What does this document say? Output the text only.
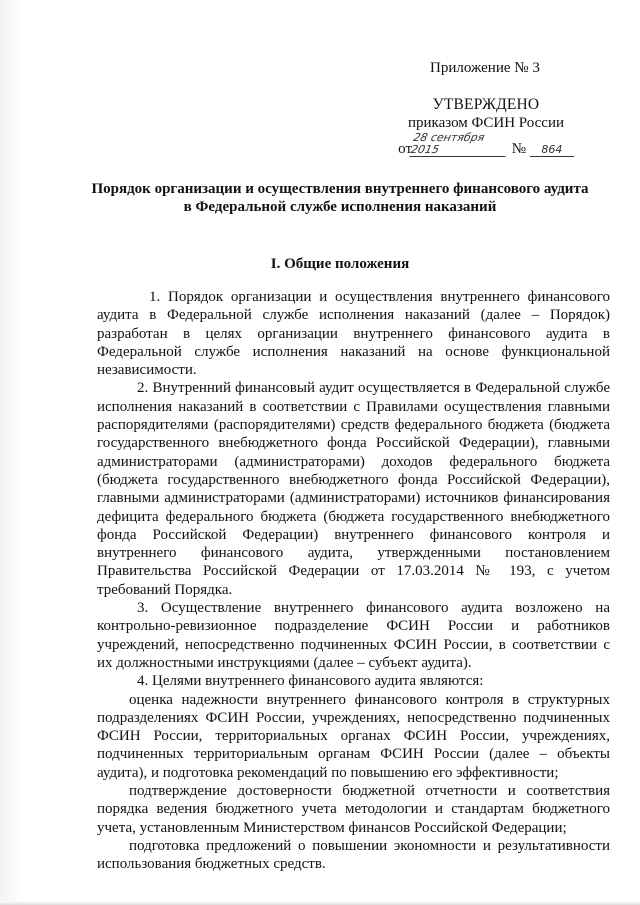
Приложение № 3
УТВЕРЖДЕНО
приказом ФСИН России
от28 сентября 2015	№ 864
Порядок организации и осуществления внутреннего финансового аудита
в Федеральной службе исполнения наказаний
I. Общие положения

1. Порядок организации и осуществления внутреннего финансового аудита в Федеральной службе исполнения наказаний (далее – Порядок) разработан в целях организации внутреннего финансового аудита в Федеральной службе исполнения наказаний на основе функциональной независимости.

2. Внутренний финансовый аудит осуществляется в Федеральной службе исполнения наказаний в соответствии с Правилами осуществления главными распорядителями (распорядителями) средств федерального бюджета (бюджета государственного внебюджетного фонда Российской Федерации), главными администраторами (администраторами) доходов федерального бюджета (бюджета государственного внебюджетного фонда Российской Федерации), главными администраторами (администраторами) источников финансирования дефицита федерального бюджета (бюджета государственного внебюджетного фонда Российской Федерации) внутреннего финансового контроля и внутреннего финансового аудита, утвержденными постановлением Правительства Российской Федерации от 17.03.2014 № 193, с учетом требований Порядка.

3. Осуществление внутреннего финансового аудита возложено на контрольно-ревизионное подразделение ФСИН России и работников учреждений, непосредственно подчиненных ФСИН России, в соответствии с их должностными инструкциями (далее – субъект аудита).

4. Целями внутреннего финансового аудита являются:

оценка надежности внутреннего финансового контроля в структурных подразделениях ФСИН России, учреждениях, непосредственно подчиненных ФСИН России, территориальных органах ФСИН России, учреждениях, подчиненных территориальным органам ФСИН России (далее – объекты аудита), и подготовка рекомендаций по повышению его эффективности;

подтверждение достоверности бюджетной отчетности и соответствия порядка ведения бюджетного учета методологии и стандартам бюджетного учета, установленным Министерством финансов Российской Федерации;

подготовка предложений о повышении экономности и результативности использования бюджетных средств.
